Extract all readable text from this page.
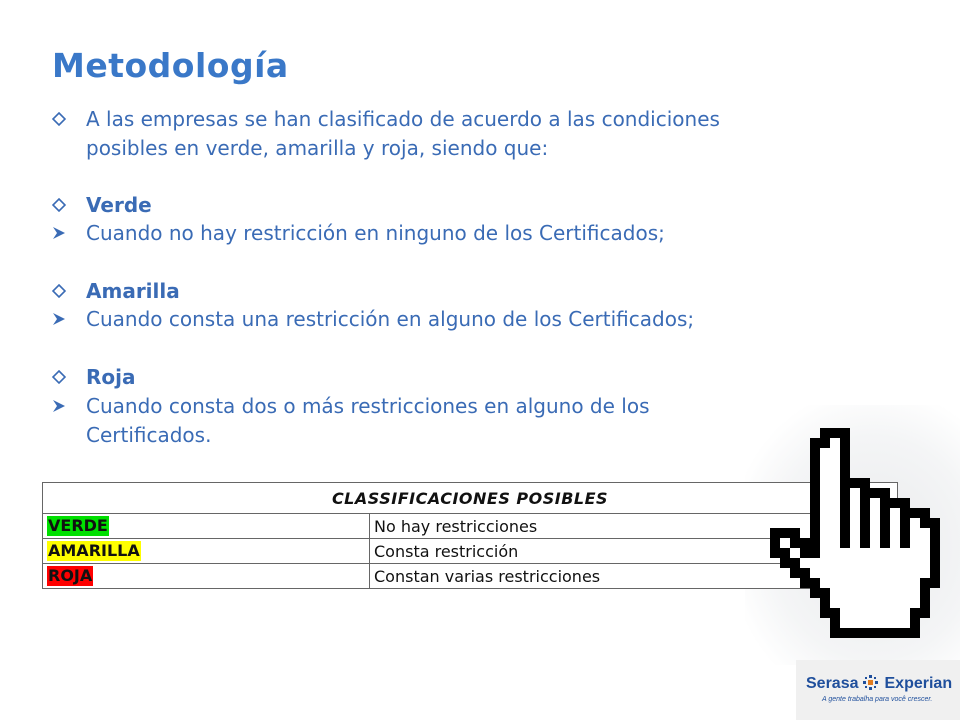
Metodología
A las empresas se han clasificado de acuerdo a las condiciones
posibles en verde, amarilla y roja, siendo que:
Verde
Cuando no hay restricción en ninguno de los Certificados;
Amarilla
Cuando consta una restricción en alguno de los Certificados;
Roja
Cuando consta dos o más restricciones en alguno de los
Certificados.
CLASSIFICACIONES POSIBLES	
VERDE	No hay restricciones
AMARILLA	Consta restricción
ROJA	Constan varias restricciones
Serasa Experian
A gente trabalha para você crescer.
